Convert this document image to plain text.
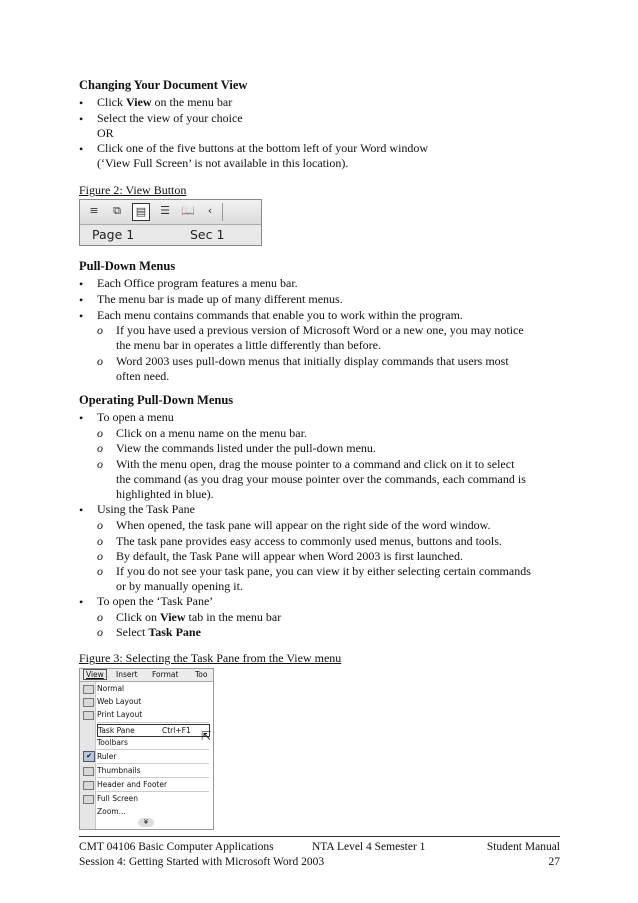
Changing Your Document View
• Click View on the menu bar
• Select the view of your choice
OR
• Click one of the five buttons at the bottom left of your Word window
(‘View Full Screen’ is not available in this location).
Figure 2: View Button
≡	⧉	▤	☰ 📖	‹
Page 1	Sec 1
Pull-Down Menus
• Each Office program features a menu bar.
• The menu bar is made up of many different menus.
• Each menu contains commands that enable you to work within the program.
o If you have used a previous version of Microsoft Word or a new one, you may notice
the menu bar in operates a little differently than before.
o Word 2003 uses pull-down menus that initially display commands that users most
often need.
Operating Pull-Down Menus
• To open a menu
o Click on a menu name on the menu bar.
o View the commands listed under the pull-down menu.
o With the menu open, drag the mouse pointer to a command and click on it to select
the command (as you drag your mouse pointer over the commands, each command is
highlighted in blue).
• Using the Task Pane
o When opened, the task pane will appear on the right side of the word window.
o The task pane provides easy access to commonly used menus, buttons and tools.
o By default, the Task Pane will appear when Word 2003 is first launched.
o If you do not see your task pane, you can view it by either selecting certain commands
or by manually opening it.
• To open the ‘Task Pane’
o Click on View tab in the menu bar
o Select Task Pane
Figure 3: Selecting the Task Pane from the View menu
View	Insert Format Too
Normal
Web Layout
Print Layout
Task Pane	Ctrl+F1 ⇱
Toolbars
✔ Ruler
Thumbnails
Header and Footer
Full Screen
Zoom...
¥
CMT 04106 Basic Computer Applications	NTA Level 4 Semester 1	Student Manual
Session 4: Getting Started with Microsoft Word 2003	27
